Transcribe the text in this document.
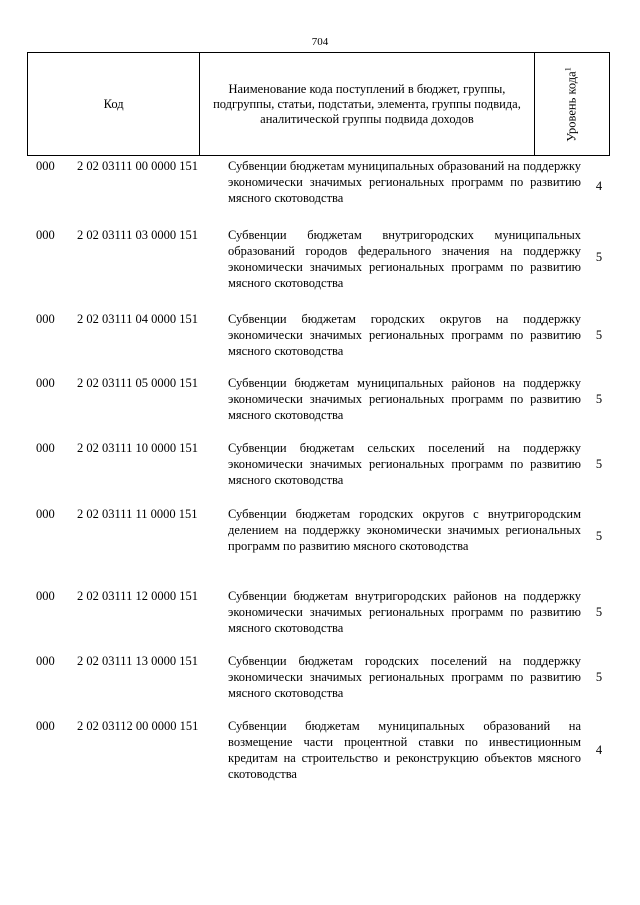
704
Код
Наименование кода поступлений в бюджет, группы, подгруппы, статьи, подстатьи, элемента, группы подвида, аналитической группы подвида доходов	Уровень кода$^1$
000 2 02 03111 00 0000 151 Субвенции бюджетам муниципальных образований на поддержку экономически значимых региональных программ по развитию мясного скотоводства
4
000 2 02 03111 03 0000 151 Субвенции бюджетам внутригородских муниципальных образований городов федерального значения на поддержку экономически значимых региональных программ по развитию мясного скотоводства
5
000 2 02 03111 04 0000 151 Субвенции бюджетам городских округов на поддержку экономически значимых региональных программ по развитию мясного скотоводства
5
000 2 02 03111 05 0000 151 Субвенции бюджетам муниципальных районов на поддержку экономически значимых региональных программ по развитию мясного скотоводства
5
000 2 02 03111 10 0000 151 Субвенции бюджетам сельских поселений на поддержку экономически значимых региональных программ по развитию мясного скотоводства
5
000 2 02 03111 11 0000 151 Субвенции бюджетам городских округов с внутригородским делением на поддержку экономически значимых региональных программ по развитию мясного скотоводства
5
000 2 02 03111 12 0000 151 Субвенции бюджетам внутригородских районов на поддержку экономически значимых региональных программ по развитию мясного скотоводства
5
000 2 02 03111 13 0000 151 Субвенции бюджетам городских поселений на поддержку экономически значимых региональных программ по развитию мясного скотоводства
5
000 2 02 03112 00 0000 151 Субвенции бюджетам муниципальных образований на возмещение части процентной ставки по инвестиционным кредитам на строительство и реконструкцию объектов мясного скотоводства
4
